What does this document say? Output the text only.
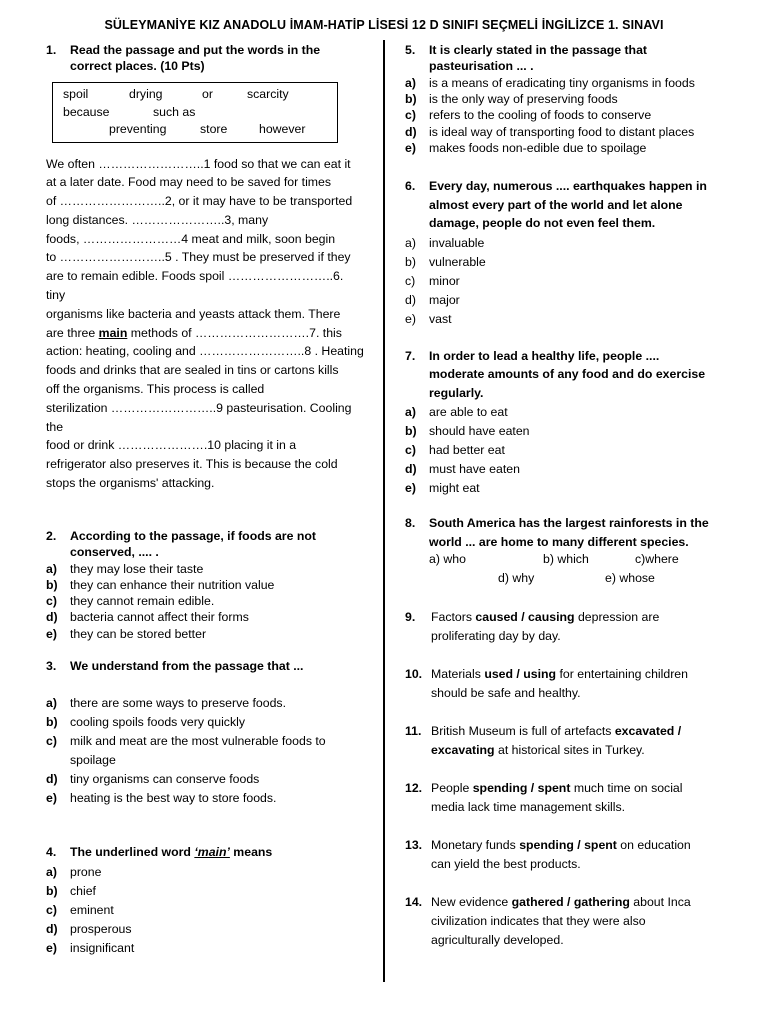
SÜLEYMANİYE KIZ ANADOLU İMAM-HATİP LİSESİ 12 D SINIFI SEÇMELİ İNGİLİZCE 1. SINAVI
1. Read the passage and put the words in the
correct places. (10 Pts)
spoil	drying	or	scarcity
because	such as
preventing	store	however
We often ……………………..1 food so that we can eat it
at a later date. Food may need to be saved for times
of ……………………..2, or it may have to be transported
long distances. …………………..3, many
foods, ……………………4 meat and milk, soon begin
to ……………………..5 . They must be preserved if they
are to remain edible. Foods spoil ……………………..6. tiny
organisms like bacteria and yeasts attack them. There
are three main methods of ……………………….7. this
action: heating, cooling and ……………………..8 . Heating
foods and drinks that are sealed in tins or cartons kills
off the organisms. This process is called
sterilization ……………………..9 pasteurisation. Cooling the
food or drink ………………….10 placing it in a
refrigerator also preserves it. This is because the cold
stops the organisms' attacking.
2. According to the passage, if foods are not
conserved, .... .
a) they may lose their taste
b) they can enhance their nutrition value
c) they cannot remain edible.
d) bacteria cannot affect their forms
e) they can be stored better
3. We understand from the passage that ...
a) there are some ways to preserve foods.
b) cooling spoils foods very quickly
c) milk and meat are the most vulnerable foods to
spoilage
d) tiny organisms can conserve foods
e) heating is the best way to store foods.
4. The underlined word ‘main’ means
a) prone
b) chief
c) eminent
d) prosperous
e) insignificant
5. It is clearly stated in the passage that
pasteurisation ... .
a) is a means of eradicating tiny organisms in foods
b) is the only way of preserving foods
c) refers to the cooling of foods to conserve
d) is ideal way of transporting food to distant places
e) makes foods non-edible due to spoilage
6. Every day, numerous .... earthquakes happen in
almost every part of the world and let alone
damage, people do not even feel them.
a) invaluable
b) vulnerable
c) minor
d) major
e) vast
7. In order to lead a healthy life, people ....
moderate amounts of any food and do exercise
regularly.
a) are able to eat
b) should have eaten
c) had better eat
d) must have eaten
e) might eat
8. South America has the largest rainforests in the
world ... are home to many different species.
a) who	b) which	c)where
d) why	e) whose
9. Factors caused / causing depression are
proliferating day by day.
10. Materials used / using for entertaining children
should be safe and healthy.
11. British Museum is full of artefacts excavated /
excavating at historical sites in Turkey.
12. People spending / spent much time on social
media lack time management skills.
13. Monetary funds spending / spent on education
can yield the best products.
14. New evidence gathered / gathering about Inca
civilization indicates that they were also
agriculturally developed.
